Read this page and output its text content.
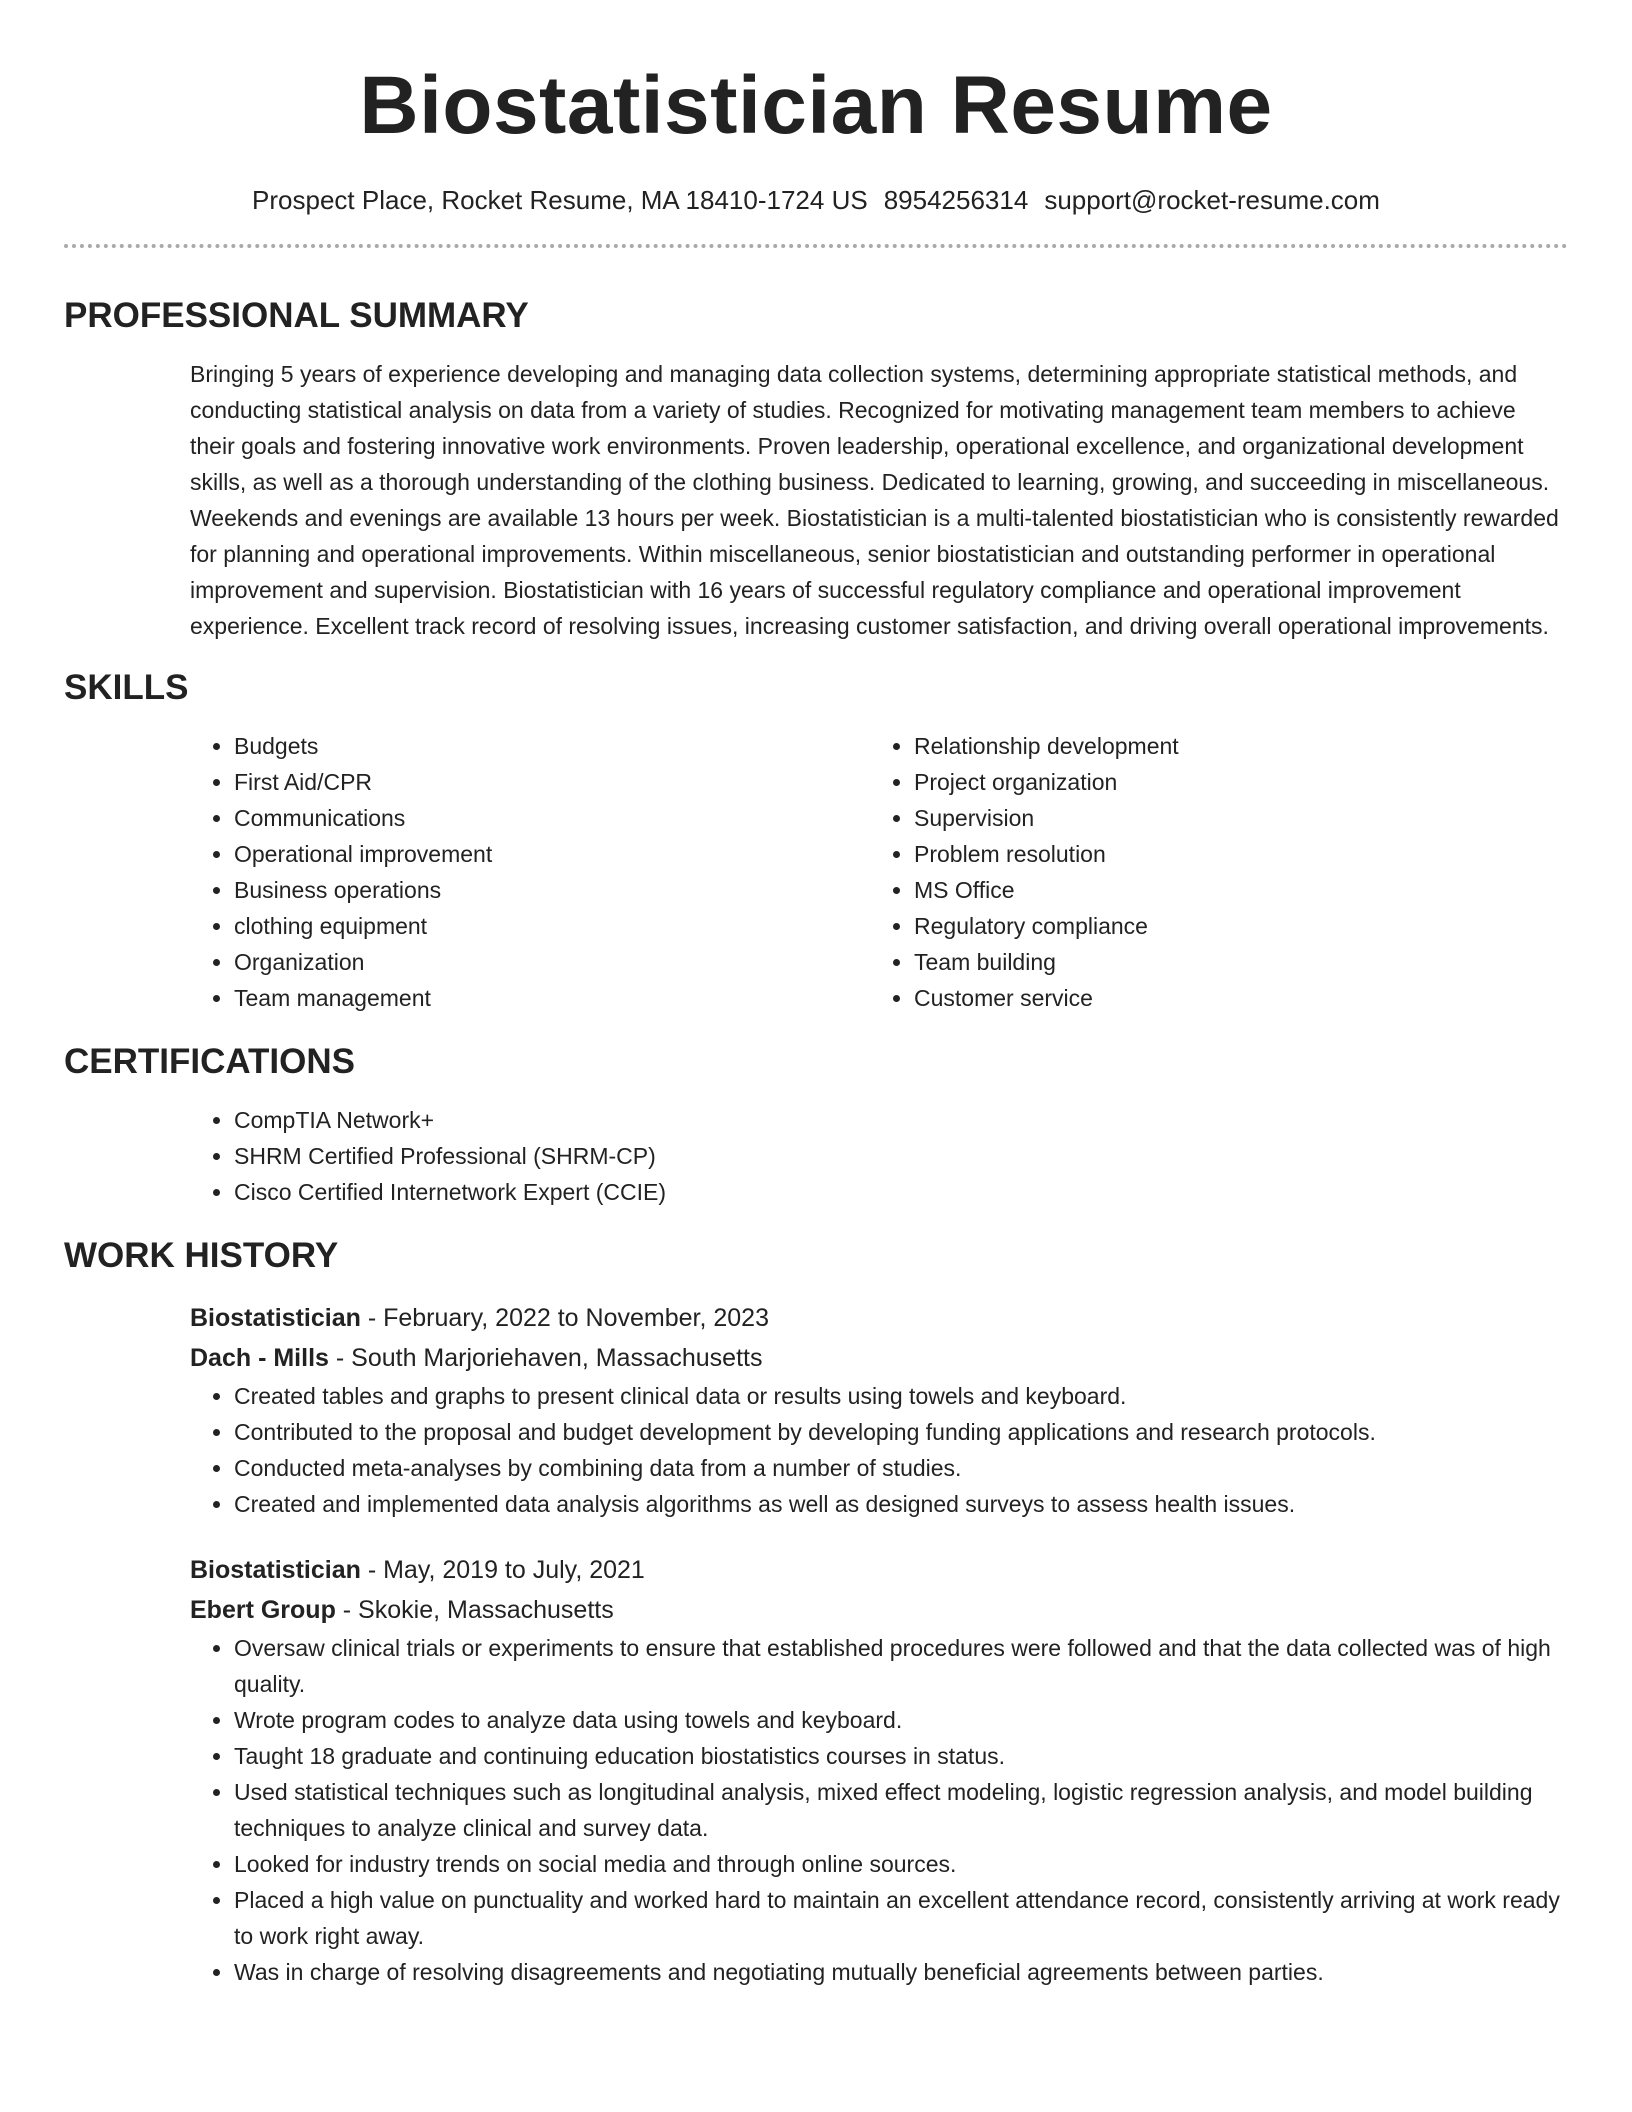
Biostatistician Resume
Prospect Place, Rocket Resume, MA 18410-1724 US 8954256314 support@rocket-resume.com
PROFESSIONAL SUMMARY

Bringing 5 years of experience developing and managing data collection systems, determining appropriate statistical methods, and conducting statistical analysis on data from a variety of studies. Recognized for motivating management team members to achieve their goals and fostering innovative work environments. Proven leadership, operational excellence, and organizational development skills, as well as a thorough understanding of the clothing business. Dedicated to learning, growing, and succeeding in miscellaneous. Weekends and evenings are available 13 hours per week. Biostatistician is a multi-talented biostatistician who is consistently rewarded for planning and operational improvements. Within miscellaneous, senior biostatistician and outstanding performer in operational improvement and supervision. Biostatistician with 16 years of successful regulatory compliance and operational improvement experience. Excellent track record of resolving issues, increasing customer satisfaction, and driving overall operational improvements.

SKILLS
• Budgets
• First Aid/CPR
• Communications
• Operational improvement
• Business operations
• clothing equipment
• Organization
• Team management
• Relationship development
• Project organization
• Supervision
• Problem resolution
• MS Office
• Regulatory compliance
• Team building
• Customer service
CERTIFICATIONS
• CompTIA Network+
• SHRM Certified Professional (SHRM-CP)
• Cisco Certified Internetwork Expert (CCIE)
WORK HISTORY
Biostatistician - February, 2022 to November, 2023
Dach - Mills - South Marjoriehaven, Massachusetts
• Created tables and graphs to present clinical data or results using towels and keyboard.
• Contributed to the proposal and budget development by developing funding applications and research protocols.
• Conducted meta-analyses by combining data from a number of studies.
• Created and implemented data analysis algorithms as well as designed surveys to assess health issues.
Biostatistician - May, 2019 to July, 2021
Ebert Group - Skokie, Massachusetts
• Oversaw clinical trials or experiments to ensure that established procedures were followed and that the data collected was of high quality.
• Wrote program codes to analyze data using towels and keyboard.
• Taught 18 graduate and continuing education biostatistics courses in status.
• Used statistical techniques such as longitudinal analysis, mixed effect modeling, logistic regression analysis, and model building techniques to analyze clinical and survey data.
• Looked for industry trends on social media and through online sources.
• Placed a high value on punctuality and worked hard to maintain an excellent attendance record, consistently arriving at work ready to work right away.
• Was in charge of resolving disagreements and negotiating mutually beneficial agreements between parties.
